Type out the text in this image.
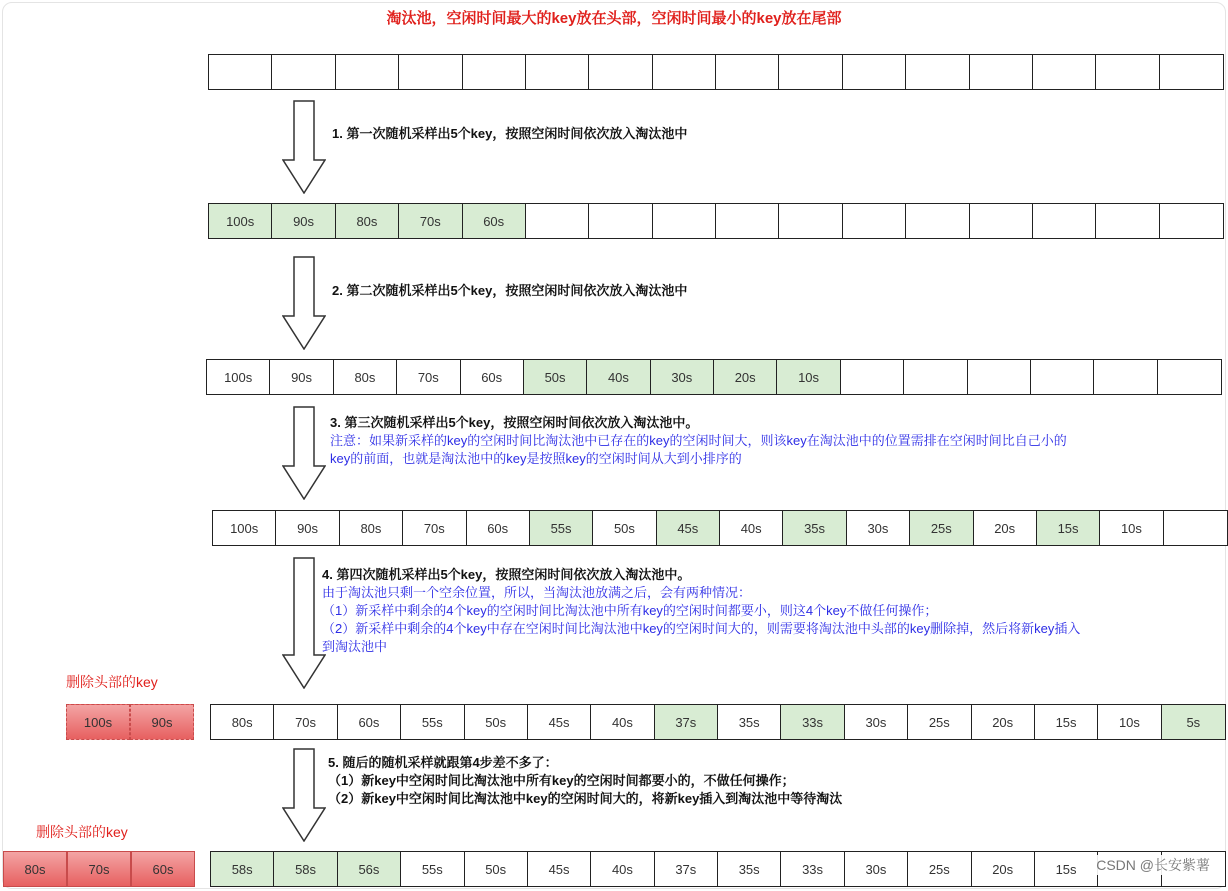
淘汰池，空闲时间最大的key放在头部，空闲时间最小的key放在尾部
100s	90s	80s	70s	60s
100s	90s	80s	70s	60s	50s	40s	30s	20s	10s
100s	90s	80s	70s	60s	55s	50s	45s	40s	35s	30s	25s	20s	15s	10s
80s	70s	60s	55s	50s	45s	40s	37s	35s	33s	30s	25s	20s	15s	10s	5s
58s	58s	56s	55s	50s	45s	40s	37s	35s	33s	30s	25s	20s	15s
1. 第一次随机采样出5个key，按照空闲时间依次放入淘汰池中
2. 第二次随机采样出5个key，按照空闲时间依次放入淘汰池中
3. 第三次随机采样出5个key，按照空闲时间依次放入淘汰池中。
注意：如果新采样的key的空闲时间比淘汰池中已存在的key的空闲时间大，则该key在淘汰池中的位置需排在空闲时间比自己小的
key的前面，也就是淘汰池中的key是按照key的空闲时间从大到小排序的
4. 第四次随机采样出5个key，按照空闲时间依次放入淘汰池中。
由于淘汰池只剩一个空余位置，所以，当淘汰池放满之后，会有两种情况：
（1）新采样中剩余的4个key的空闲时间比淘汰池中所有key的空闲时间都要小，则这4个key不做任何操作；
（2）新采样中剩余的4个key中存在空闲时间比淘汰池中key的空闲时间大的，则需要将淘汰池中头部的key删除掉，然后将新key插入
到淘汰池中
5. 随后的随机采样就跟第4步差不多了：
（1）新key中空闲时间比淘汰池中所有key的空闲时间都要小的，不做任何操作；
（2）新key中空闲时间比淘汰池中key的空闲时间大的，将新key插入到淘汰池中等待淘汰
删除头部的key
100s	90s
删除头部的key
80s	70s	60s	CSDN @长安紫薯
